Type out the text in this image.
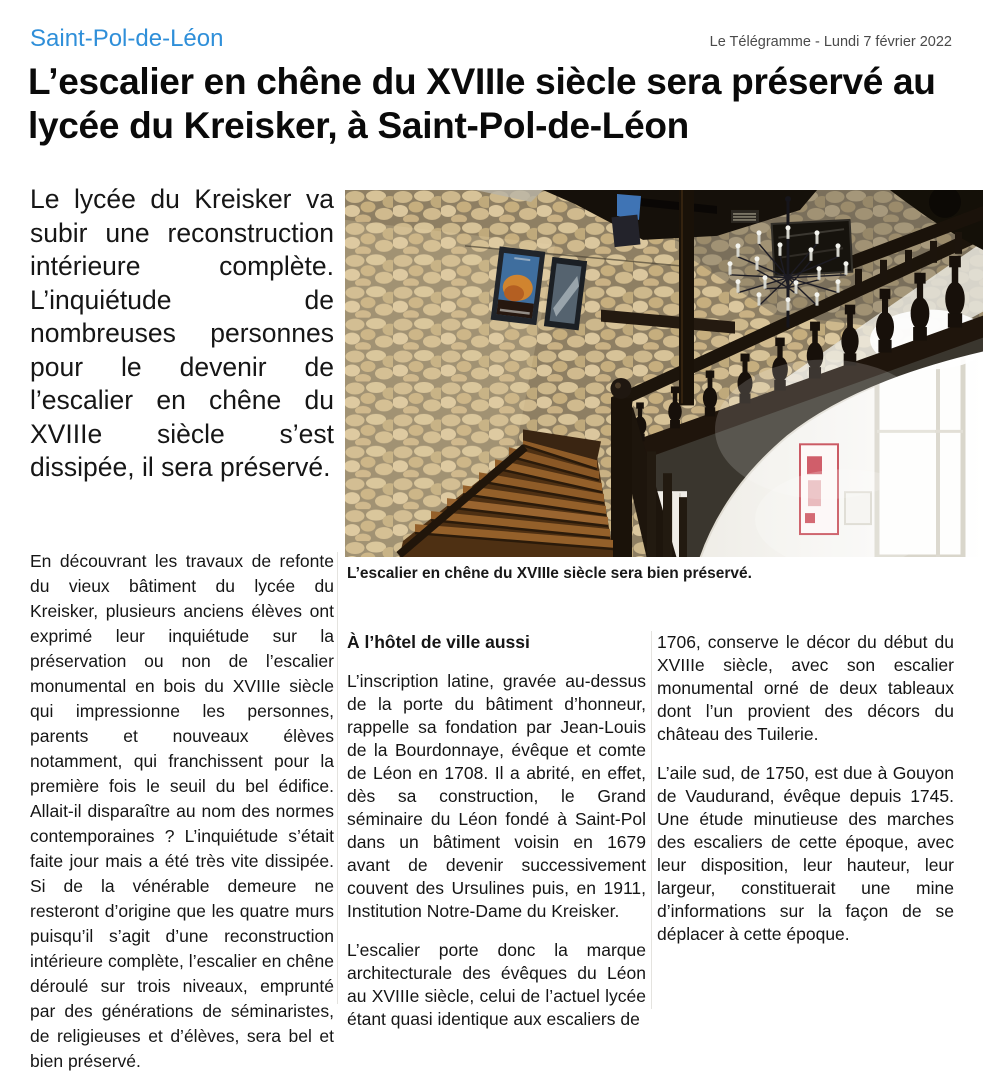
Saint-Pol-de-Léon	Le Télégramme - Lundi 7 février 2022
L’escalier en chêne du XVIIIe siècle sera préservé au lycée du Kreisker, à Saint-Pol-de-Léon
Le lycée du Kreisker va subir une reconstruction intérieure complète. L’inquiétude de nombreuses personnes pour le devenir de l’escalier en chêne du XVIIIe siècle s’est dissipée, il sera préservé.
En découvrant les travaux de refonte du vieux bâtiment du lycée du Kreisker, plusieurs anciens élèves ont exprimé leur inquiétude sur la préservation ou non de l’escalier monumental en bois du XVIIIe siècle qui impressionne les personnes, parents et nouveaux élèves notamment, qui franchissent pour la première fois le seuil du bel édifice. Allait-il disparaître au nom des normes contemporaines ? L’inquiétude s’était faite jour mais a été très vite dissipée. Si de la vénérable demeure ne resteront d’origine que les quatre murs puisqu’il s’agit d’une reconstruction intérieure complète, l’escalier en chêne déroulé sur trois niveaux, emprunté par des générations de séminaristes, de religieuses et d’élèves, sera bel et bien préservé.
L’escalier en chêne du XVIIIe siècle sera bien préservé.

À l’hôtel de ville aussi

L’inscription latine, gravée au-dessus de la porte du bâtiment d’honneur, rappelle sa fondation par Jean-Louis de la Bourdonnaye, évêque et comte de Léon en 1708. Il a abrité, en effet, dès sa construction, le Grand séminaire du Léon fondé à Saint-Pol dans un bâtiment voisin en 1679 avant de devenir successivement couvent des Ursulines puis, en 1911, Institution Notre-Dame du Kreisker.

L’escalier porte donc la marque architecturale des évêques du Léon au XVIIIe siècle, celui de l’actuel lycée étant quasi identique aux escaliers de

1706, conserve le décor du début du XVIIIe siècle, avec son escalier monumental orné de deux tableaux dont l’un provient des décors du château des Tuilerie.

L’aile sud, de 1750, est due à Gouyon de Vaudurand, évêque depuis 1745. Une étude minutieuse des marches des escaliers de cette époque, avec leur disposition, leur hauteur, leur largeur, constituerait une mine d’informations sur la façon de se déplacer à cette époque.
